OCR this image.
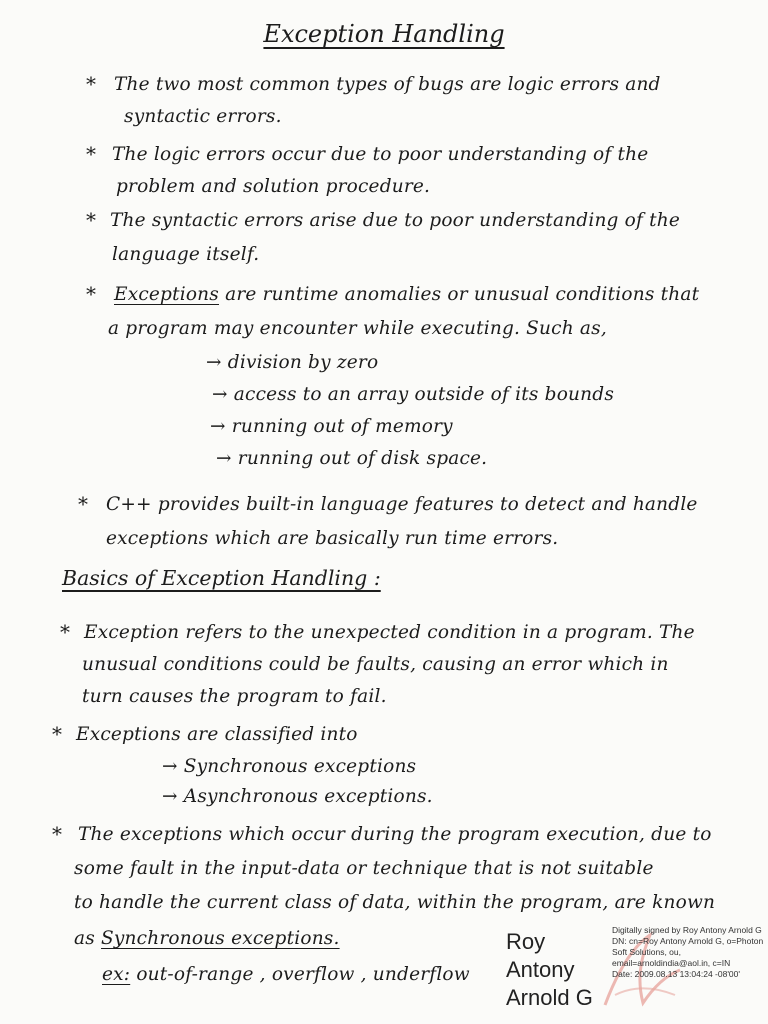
Exception Handling
* The two most common types of bugs are logic errors and
syntactic errors.
* The logic errors occur due to poor understanding of the
problem and solution procedure.
* The syntactic errors arise due to poor understanding of the
language itself.
* Exceptions are runtime anomalies or unusual conditions that
a program may encounter while executing. Such as,
→ division by zero
→ access to an array outside of its bounds
→ running out of memory
→ running out of disk space.
* C++ provides built-in language features to detect and handle
exceptions which are basically run time errors.
Basics of Exception Handling :
* Exception refers to the unexpected condition in a program. The
unusual conditions could be faults, causing an error which in
turn causes the program to fail.
* Exceptions are classified into
→ Synchronous exceptions
→ Asynchronous exceptions.
* The exceptions which occur during the program execution, due to
some fault in the input-data or technique that is not suitable
to handle the current class of data, within the program, are known
as Synchronous exceptions.
ex: out-of-range , overflow , underflow
Roy
Antony
Arnold G
Digitally signed by Roy Antony Arnold G
DN: cn=Roy Antony Arnold G, o=Photon Soft Solutions, ou, email=arnoldindia@aol.in, c=IN
Date: 2009.08.13 13:04:24 -08'00'
